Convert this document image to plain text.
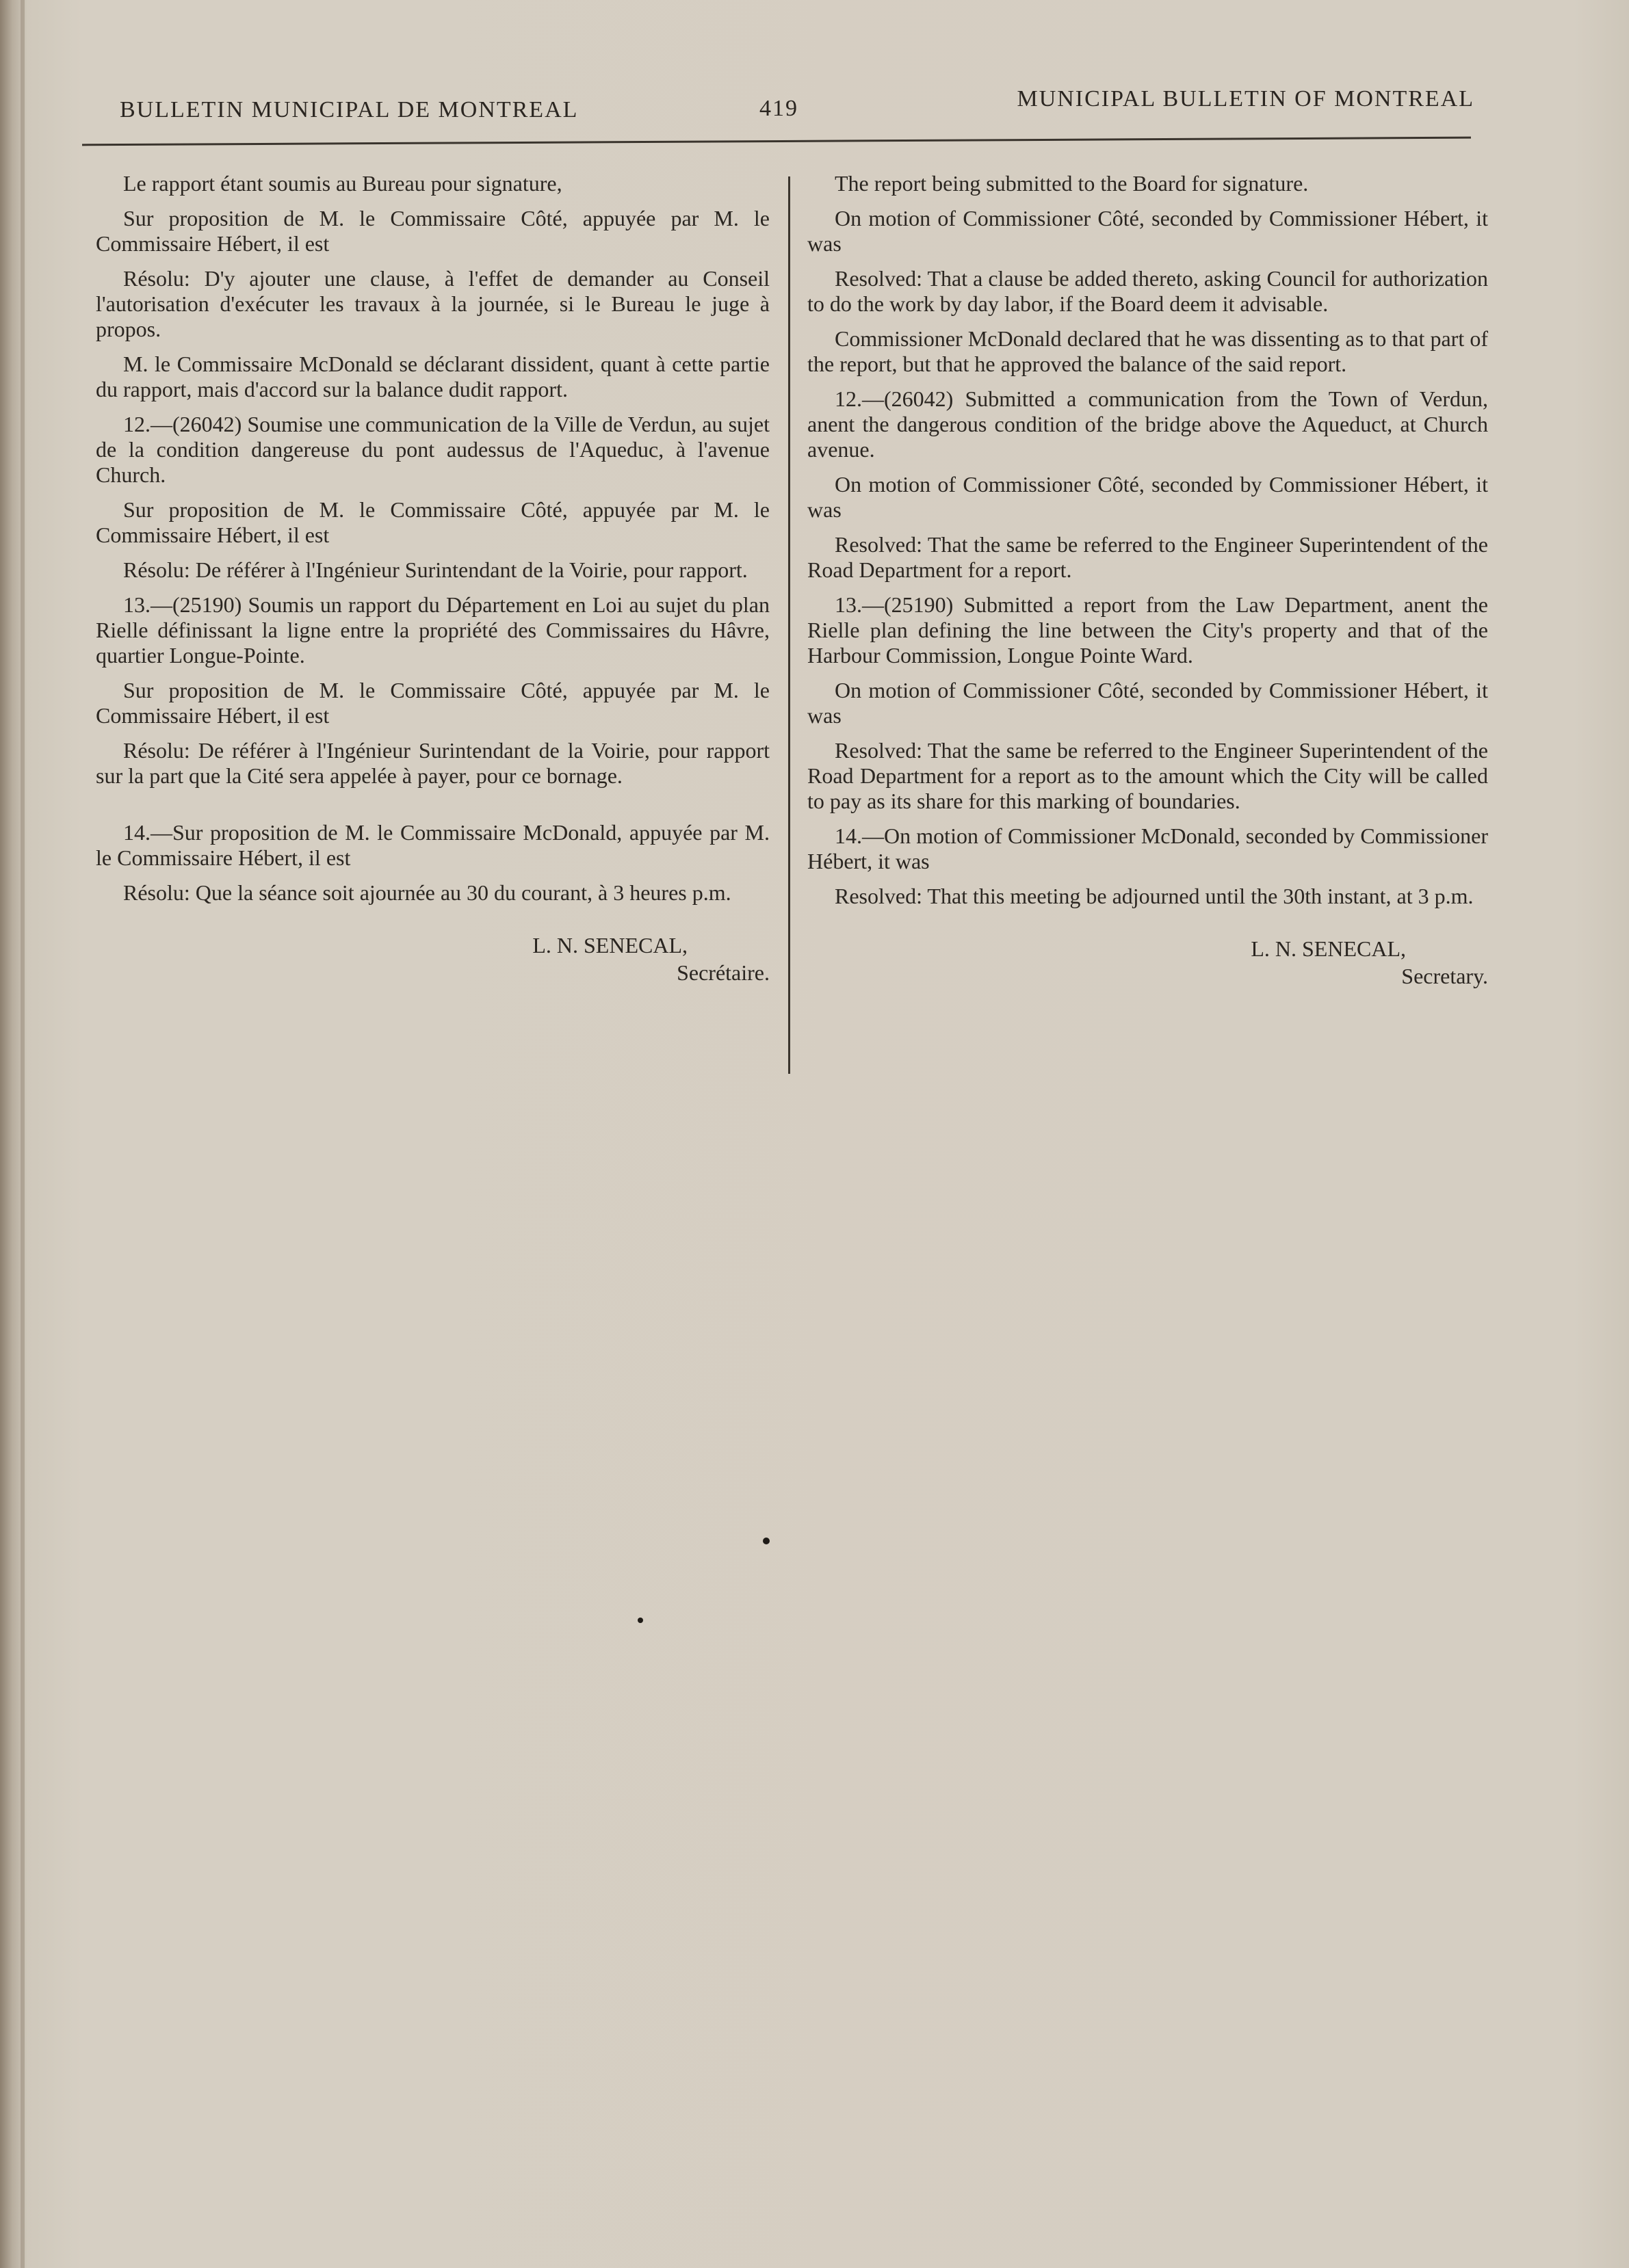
BULLETIN MUNICIPAL DE MONTREAL	419	MUNICIPAL BULLETIN OF MONTREAL

Le rapport étant soumis au Bureau pour signature,

Sur proposition de M. le Commissaire Côté, appuyée par M. le Commissaire Hébert, il est

Résolu: D'y ajouter une clause, à l'effet de demander au Conseil l'autorisation d'exécuter les travaux à la journée, si le Bureau le juge à propos.

M. le Commissaire McDonald se déclarant dissident, quant à cette partie du rapport, mais d'accord sur la balance dudit rapport.

12.—(26042) Soumise une communication de la Ville de Verdun, au sujet de la condition dangereuse du pont audessus de l'Aqueduc, à l'avenue Church.

Sur proposition de M. le Commissaire Côté, appuyée par M. le Commissaire Hébert, il est

Résolu: De référer à l'Ingénieur Surintendant de la Voirie, pour rapport.

13.—(25190) Soumis un rapport du Département en Loi au sujet du plan Rielle définissant la ligne entre la propriété des Commissaires du Hâvre, quartier Longue-Pointe.

Sur proposition de M. le Commissaire Côté, appuyée par M. le Commissaire Hébert, il est

Résolu: De référer à l'Ingénieur Surintendant de la Voirie, pour rapport sur la part que la Cité sera appelée à payer, pour ce bornage.

14.—Sur proposition de M. le Commissaire McDonald, appuyée par M. le Commissaire Hébert, il est

Résolu: Que la séance soit ajournée au 30 du courant, à 3 heures p.m.

L. N. SENECAL,
Secrétaire.

The report being submitted to the Board for signature.

On motion of Commissioner Côté, seconded by Commissioner Hébert, it was

Resolved: That a clause be added thereto, asking Council for authorization to do the work by day labor, if the Board deem it advisable.

Commissioner McDonald declared that he was dissenting as to that part of the report, but that he approved the balance of the said report.

12.—(26042) Submitted a communication from the Town of Verdun, anent the dangerous condition of the bridge above the Aqueduct, at Church avenue.

On motion of Commissioner Côté, seconded by Commissioner Hébert, it was

Resolved: That the same be referred to the Engineer Superintendent of the Road Department for a report.

13.—(25190) Submitted a report from the Law Department, anent the Rielle plan defining the line between the City's property and that of the Harbour Commission, Longue Pointe Ward.

On motion of Commissioner Côté, seconded by Commissioner Hébert, it was

Resolved: That the same be referred to the Engineer Superintendent of the Road Department for a report as to the amount which the City will be called to pay as its share for this marking of boundaries.

14.—On motion of Commissioner McDonald, seconded by Commissioner Hébert, it was

Resolved: That this meeting be adjourned until the 30th instant, at 3 p.m.

L. N. SENECAL,
Secretary.
